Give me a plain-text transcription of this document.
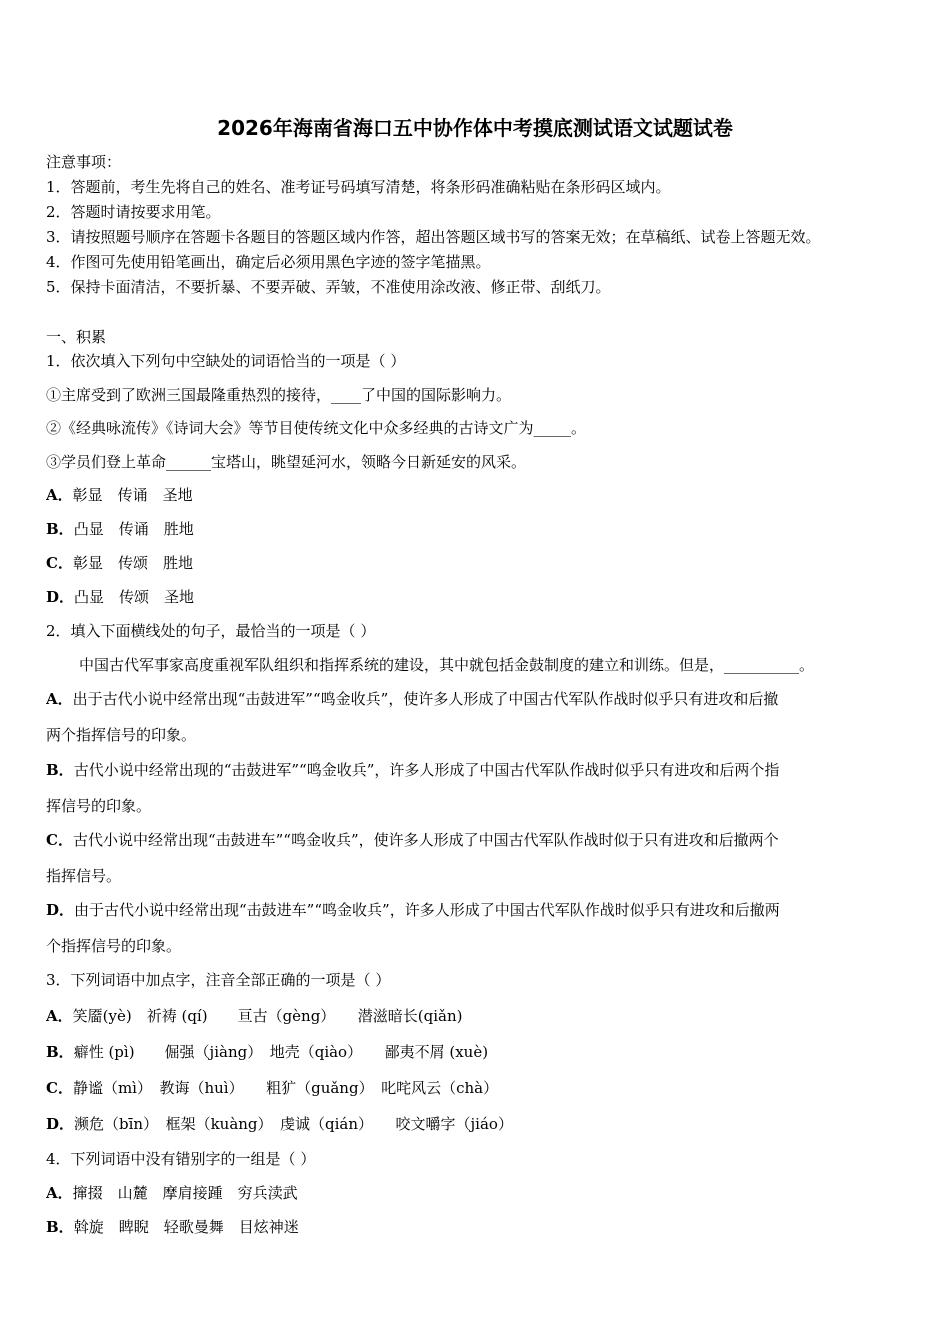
2026年海南省海口五中协作体中考摸底测试语文试题试卷
注意事项：
1．答题前，考生先将自己的姓名、准考证号码填写清楚，将条形码准确粘贴在条形码区域内。
2．答题时请按要求用笔。
3．请按照题号顺序在答题卡各题目的答题区域内作答，超出答题区域书写的答案无效；在草稿纸、试卷上答题无效。
4．作图可先使用铅笔画出，确定后必须用黑色字迹的签字笔描黑。
5．保持卡面清洁，不要折暴、不要弄破、弄皱，不准使用涂改液、修正带、刮纸刀。
一、积累
1．依次填入下列句中空缺处的词语恰当的一项是（ ）
①主席受到了欧洲三国最隆重热烈的接待，____了中国的国际影响力。
②《经典咏流传》《诗词大会》等节目使传统文化中众多经典的古诗文广为_____。
③学员们登上革命______宝塔山，眺望延河水，领略今日新延安的风采。
A．彰显　传诵　圣地
B．凸显　传诵　胜地
C．彰显　传颂　胜地
D．凸显　传颂　圣地
2．填入下面横线处的句子，最恰当的一项是（ ）
中国古代军事家高度重视军队组织和指挥系统的建设，其中就包括金鼓制度的建立和训练。但是，__________。
A．出于古代小说中经常出现“击鼓进军”“鸣金收兵”，使许多人形成了中国古代军队作战时似乎只有进攻和后撤
两个指挥信号的印象。
B．古代小说中经常出现的“击鼓进军”“鸣金收兵”，许多人形成了中国古代军队作战时似乎只有进攻和后两个指
挥信号的印象。
C．古代小说中经常出现“击鼓进车”“鸣金收兵”，使许多人形成了中国古代军队作战时似于只有进攻和后撤两个
指挥信号。
D．由于古代小说中经常出现“击鼓进车”“鸣金收兵”，许多人形成了中国古代军队作战时似乎只有进攻和后撤两
个指挥信号的印象。
3．下列词语中加点字，注音全部正确的一项是（ ）
A．笑靥(yè)　祈祷 (qí)　　亘古（gèng）　　潜滋暗长(qiǎn)
B．癖性 (pì)　　倔强（jiàng）　地壳（qiào）　　鄙夷不屑 (xuè)
C．静谧（mì）　教诲（huì）　　粗犷（guǎng）　叱咤风云（chà）
D．濒危（bīn）　框架（kuàng）　虔诚（qián）　　咬文嚼字（jiáo）
4．下列词语中没有错别字的一组是（ ）
A．撺掇　山麓　摩肩接踵　穷兵渎武
B．斡旋　睥睨　轻歌曼舞　目炫神迷
